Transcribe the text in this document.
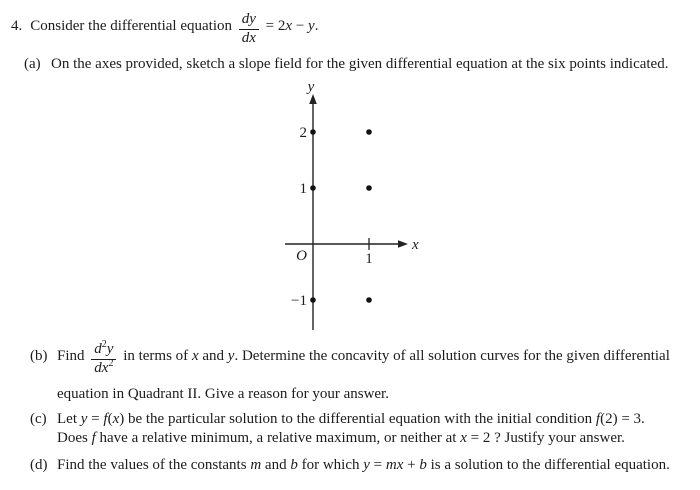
4. Consider the differential equation $\frac{dy}{dx} = 2x - y$.
(a) On the axes provided, sketch a slope field for the given differential equation at the six points indicated.
y
x
O	1
2
1
−1
(b) Find $\frac{d^2y}{dx^2}$ in terms of x and y. Determine the concavity of all solution curves for the given differential
equation in Quadrant II. Give a reason for your answer.
(c) Let y = f(x) be the particular solution to the differential equation with the initial condition f(2) = 3.
Does f have a relative minimum, a relative maximum, or neither at x = 2 ? Justify your answer.
(d) Find the values of the constants m and b for which y = mx + b is a solution to the differential equation.
